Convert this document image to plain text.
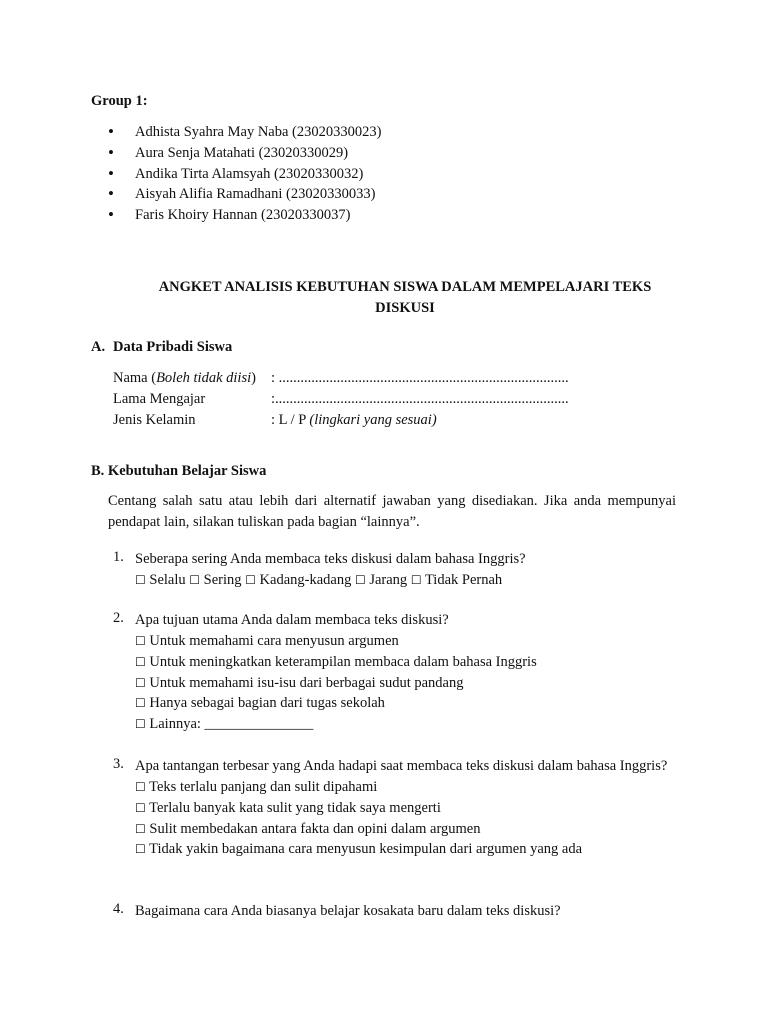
Group 1:
• Adhista Syahra May Naba (23020330023)
• Aura Senja Matahati (23020330029)
• Andika Tirta Alamsyah (23020330032)
• Aisyah Alifia Ramadhani (23020330033)
• Faris Khoiry Hannan (23020330037)
ANGKET ANALISIS KEBUTUHAN SISWA DALAM MEMPELAJARI TEKS
DISKUSI
A. Data Pribadi Siswa
Nama (Boleh tidak diisi) : ................................................................................
Lama Mengajar	:.................................................................................
Jenis Kelamin	: L / P (lingkari yang sesuai)
B. Kebutuhan Belajar Siswa
Centang salah satu atau lebih dari alternatif jawaban yang disediakan. Jika anda mempunyai pendapat lain, silakan tuliskan pada bagian “lainnya”.
1. Seberapa sering Anda membaca teks diskusi dalam bahasa Inggris?
☐ Selalu ☐ Sering ☐ Kadang-kadang ☐ Jarang ☐ Tidak Pernah
2. Apa tujuan utama Anda dalam membaca teks diskusi?
☐ Untuk memahami cara menyusun argumen
☐ Untuk meningkatkan keterampilan membaca dalam bahasa Inggris
☐ Untuk memahami isu-isu dari berbagai sudut pandang
☐ Hanya sebagai bagian dari tugas sekolah
☐ Lainnya: _______________
3. Apa tantangan terbesar yang Anda hadapi saat membaca teks diskusi dalam bahasa Inggris?
☐ Teks terlalu panjang dan sulit dipahami
☐ Terlalu banyak kata sulit yang tidak saya mengerti
☐ Sulit membedakan antara fakta dan opini dalam argumen
☐ Tidak yakin bagaimana cara menyusun kesimpulan dari argumen yang ada
4. Bagaimana cara Anda biasanya belajar kosakata baru dalam teks diskusi?
